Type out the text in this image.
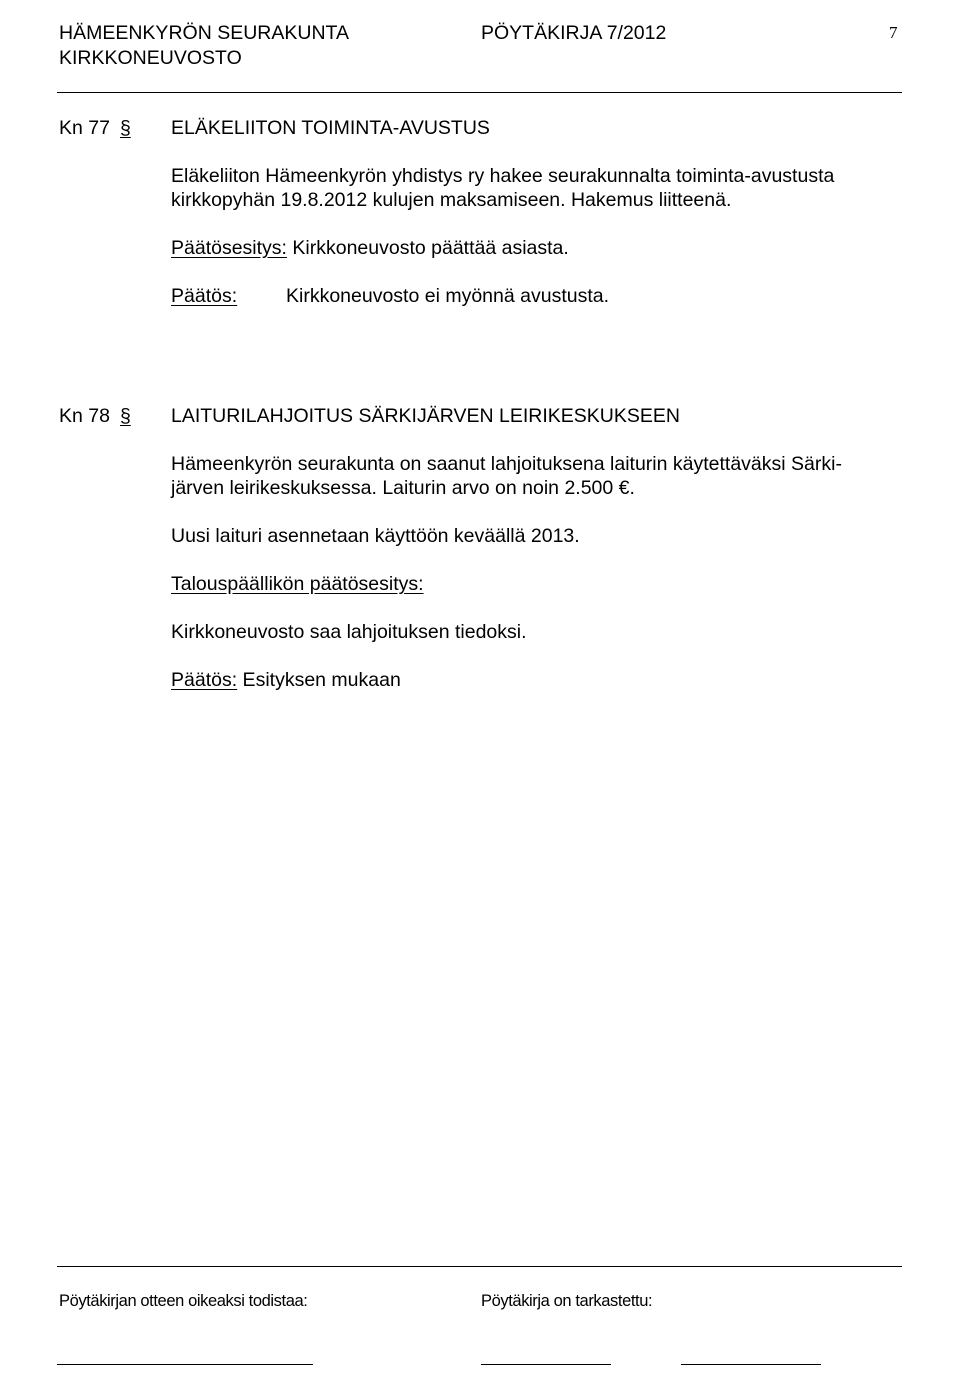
HÄMEENKYRÖN SEURAKUNTA
KIRKKONEUVOSTO
PÖYTÄKIRJA 7/2012	7
Kn 77 § ELÄKELIITON TOIMINTA-AVUSTUS
Eläkeliiton Hämeenkyrön yhdistys ry hakee seurakunnalta toiminta-avustusta
kirkkopyhän 19.8.2012 kulujen maksamiseen. Hakemus liitteenä.
Päätösesitys: Kirkkoneuvosto päättää asiasta.
Päätös:	Kirkkoneuvosto ei myönnä avustusta.
Kn 78 § LAITURILAHJOITUS SÄRKIJÄRVEN LEIRIKESKUKSEEN
Hämeenkyrön seurakunta on saanut lahjoituksena laiturin käytettäväksi Särki-
järven leirikeskuksessa. Laiturin arvo on noin 2.500 €.
Uusi laituri asennetaan käyttöön keväällä 2013.
Talouspäällikön päätösesitys:
Kirkkoneuvosto saa lahjoituksen tiedoksi.
Päätös: Esityksen mukaan
Pöytäkirjan otteen oikeaksi todistaa:	Pöytäkirja on tarkastettu:
